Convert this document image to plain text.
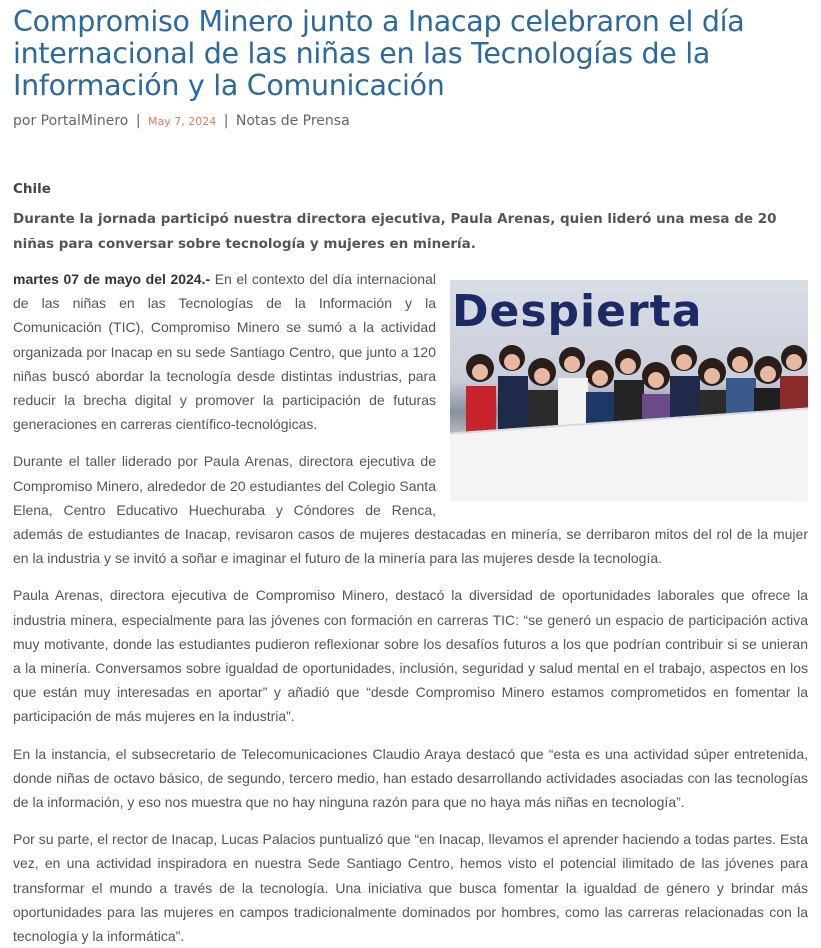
Compromiso Minero junto a Inacap celebraron el día internacional de las niñas en las Tecnologías de la Información y la Comunicación
por PortalMinero | May 7, 2024 | Notas de Prensa
Chile
Durante la jornada participó nuestra directora ejecutiva, Paula Arenas, quien lideró una mesa de 20 niñas para conversar sobre tecnología y mujeres en minería.
Despierta

martes 07 de mayo del 2024.- En el contexto del día internacional de las niñas en las Tecnologías de la Información y la Comunicación (TIC), Compromiso Minero se sumó a la actividad organizada por Inacap en su sede Santiago Centro, que junto a 120 niñas buscó abordar la tecnología desde distintas industrias, para reducir la brecha digital y promover la participación de futuras generaciones en carreras científico-tecnológicas.

Durante el taller liderado por Paula Arenas, directora ejecutiva de Compromiso Minero, alrededor de 20 estudiantes del Colegio Santa Elena, Centro Educativo Huechuraba y Cóndores de Renca, además de estudiantes de Inacap, revisaron casos de mujeres destacadas en minería, se derribaron mitos del rol de la mujer en la industria y se invitó a soñar e imaginar el futuro de la minería para las mujeres desde la tecnología.

Paula Arenas, directora ejecutiva de Compromiso Minero, destacó la diversidad de oportunidades laborales que ofrece la industria minera, especialmente para las jóvenes con formación en carreras TIC: “se generó un espacio de participación activa muy motivante, donde las estudiantes pudieron reflexionar sobre los desafíos futuros a los que podrían contribuir si se unieran a la minería. Conversamos sobre igualdad de oportunidades, inclusión, seguridad y salud mental en el trabajo, aspectos en los que están muy interesadas en aportar” y añadió que “desde Compromiso Minero estamos comprometidos en fomentar la participación de más mujeres en la industria”.

En la instancia, el subsecretario de Telecomunicaciones Claudio Araya destacó que “esta es una actividad súper entretenida, donde niñas de octavo básico, de segundo, tercero medio, han estado desarrollando actividades asociadas con las tecnologías de la información, y eso nos muestra que no hay ninguna razón para que no haya más niñas en tecnología”.

Por su parte, el rector de Inacap, Lucas Palacios puntualizó que “en Inacap, llevamos el aprender haciendo a todas partes. Esta vez, en una actividad inspiradora en nuestra Sede Santiago Centro, hemos visto el potencial ilimitado de las jóvenes para transformar el mundo a través de la tecnología. Una iniciativa que busca fomentar la igualdad de género y brindar más oportunidades para las mujeres en campos tradicionalmente dominados por hombres, como las carreras relacionadas con la tecnología y la informática”.
